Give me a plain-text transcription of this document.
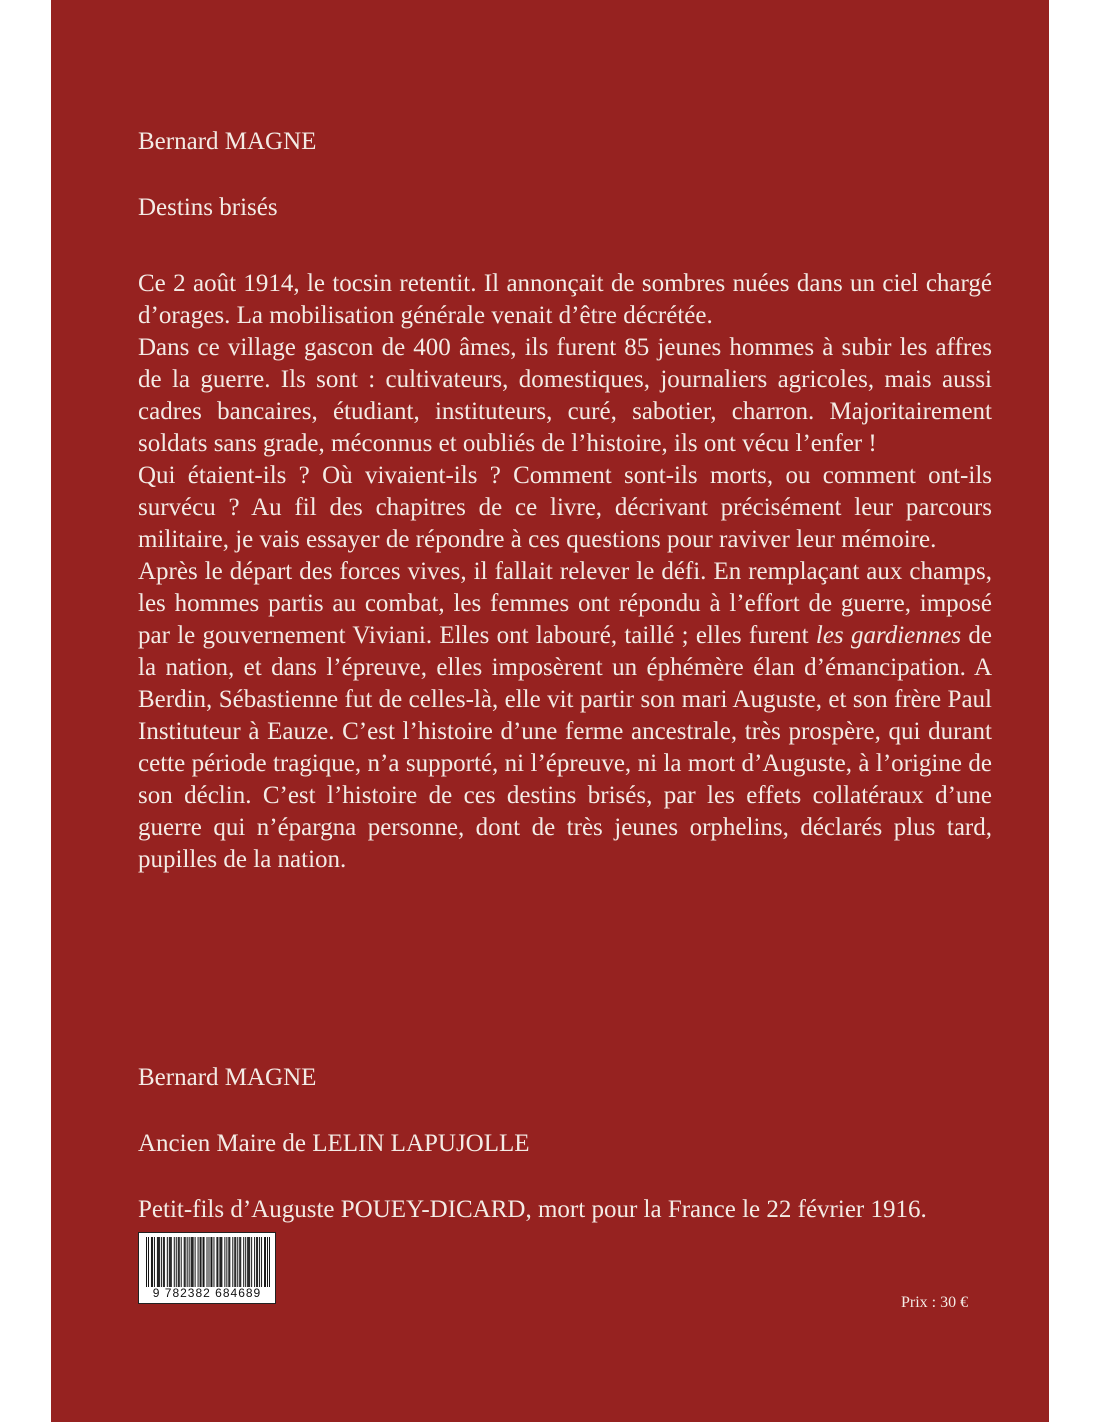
Bernard MAGNE

Destins brisés

Ce 2 août 1914, le tocsin retentit. Il annonçait de sombres nuées dans un ciel chargé d’orages. La mobilisation générale venait d’être décrétée.

Dans ce village gascon de 400 âmes, ils furent 85 jeunes hommes à subir les affres de la guerre. Ils sont : cultivateurs, domestiques, journaliers agricoles, mais aussi cadres bancaires, étudiant, instituteurs, curé, sabotier, charron. Majoritairement soldats sans grade, méconnus et oubliés de l’histoire, ils ont vécu l’enfer !

Qui étaient-ils ? Où vivaient-ils ? Comment sont-ils morts, ou comment ont-ils survécu ? Au fil des chapitres de ce livre, décrivant précisément leur parcours militaire, je vais essayer de répondre à ces questions pour raviver leur mémoire.

Après le départ des forces vives, il fallait relever le défi. En remplaçant aux champs, les hommes partis au combat, les femmes ont répondu à l’effort de guerre, imposé par le gouvernement Viviani. Elles ont labouré, taillé ; elles furent les gardiennes de la nation, et dans l’épreuve, elles imposèrent un éphémère élan d’émancipation. A Berdin, Sébastienne fut de celles-là, elle vit partir son mari Auguste, et son frère Paul Instituteur à Eauze. C’est l’histoire d’une ferme ancestrale, très prospère, qui durant cette période tragique, n’a supporté, ni l’épreuve, ni la mort d’Auguste, à l’origine de son déclin. C’est l’histoire de ces destins brisés, par les effets collatéraux d’une guerre qui n’épargna personne, dont de très jeunes orphelins, déclarés plus tard, pupilles de la nation.

Bernard MAGNE

Ancien Maire de LELIN LAPUJOLLE

Petit-fils d’Auguste POUEY-DICARD, mort pour la France le 22 février 1916.

9 782382 684689
Prix : 30 €
